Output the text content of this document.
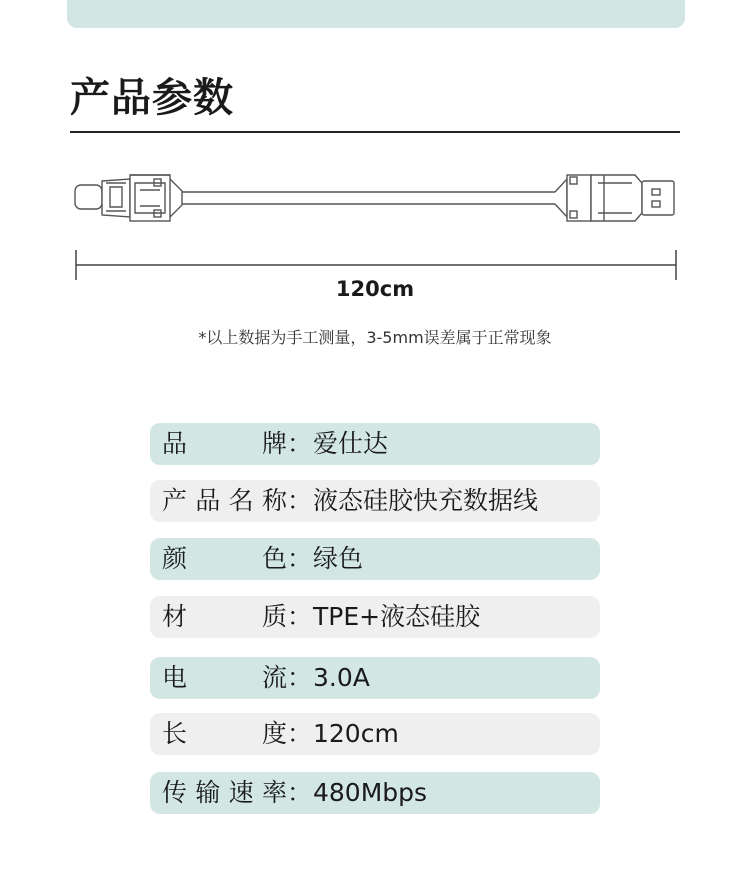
产品参数
120cm
*以上数据为手工测量，3-5mm误差属于正常现象
品	牌 ： 爱仕达
产 品 名 称 ： 液态硅胶快充数据线
颜	色 ： 绿色
材	质 ： TPE+液态硅胶
电	流 ： 3.0A
长	度 ： 120cm
传 输 速 率 ： 480Mbps
